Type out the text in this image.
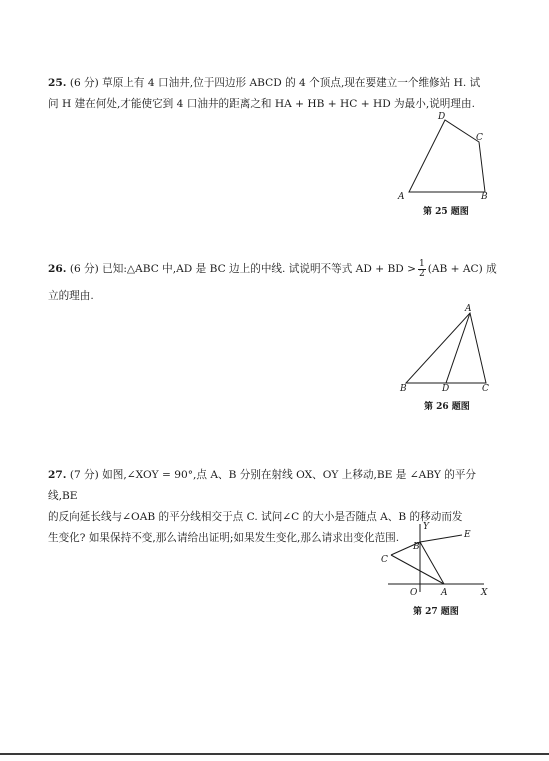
25. (6 分) 草原上有 4 口油井,位于四边形 ABCD 的 4 个顶点,现在要建立一个维修站 H. 试

问 H 建在何处,才能使它到 4 口油井的距离之和 HA + HB + HC + HD 为最小,说明理由.

D
C
A	B
第 25 题图

26. (6 分) 已知:△ABC 中,AD 是 BC 边上的中线. 试说明不等式 AD + BD > $\frac{1}{2} (AB + AC)$ 成

立的理由.

A
B	D	C
第 26 题图

27. (7 分) 如图,∠XOY = 90°,点 A、B 分别在射线 OX、OY 上移动,BE 是 ∠ABY 的平分线,BE

的反向延长线与∠OAB 的平分线相交于点 C. 试问∠C 的大小是否随点 A、B 的移动而发

生变化? 如果保持不变,那么请给出证明;如果发生变化,那么请求出变化范围.

Y
E
B
C
O	A	X
第 27 题图
